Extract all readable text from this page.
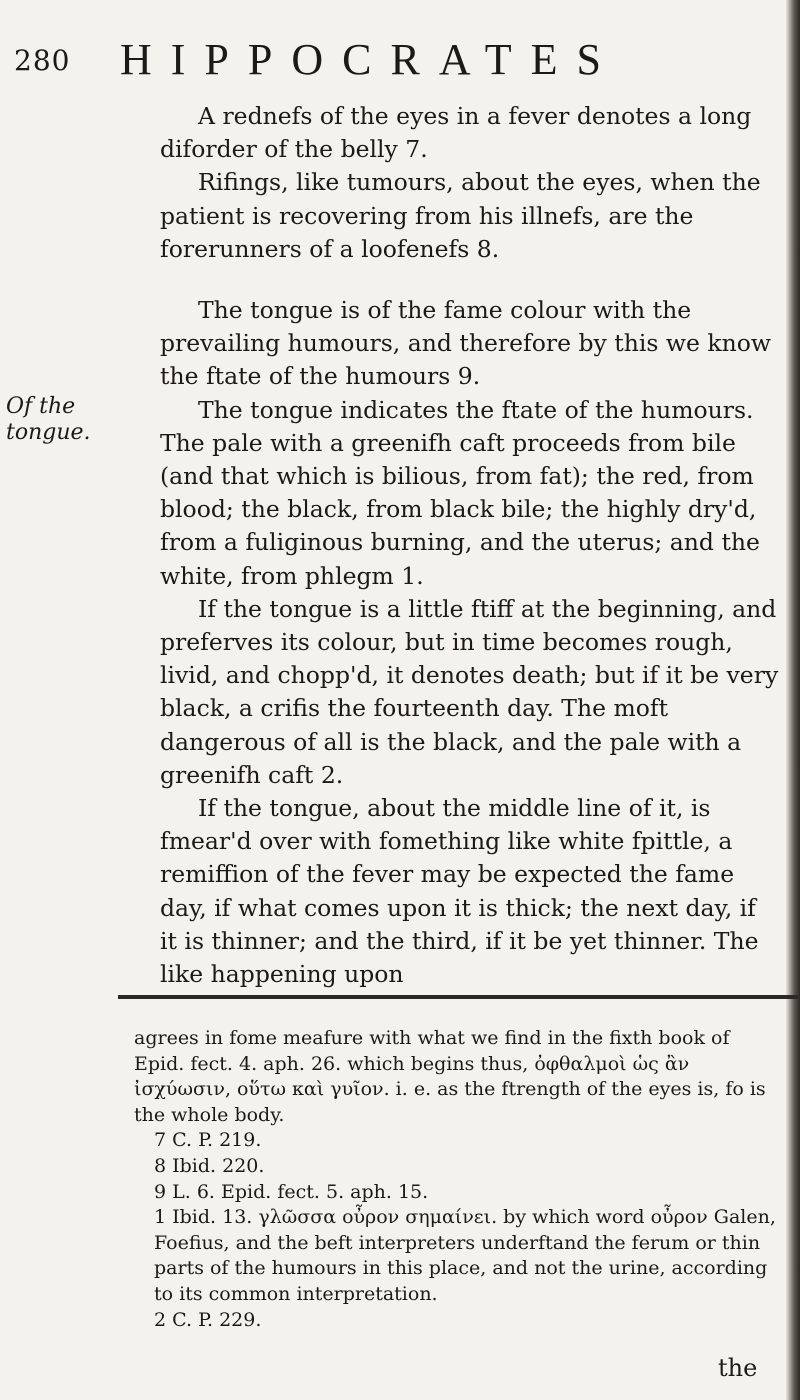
280 HIPPOCRATES
Of the tongue.

A rednefs of the eyes in a fever denotes a long diforder of the belly 7.

Rifings, like tumours, about the eyes, when the patient is recovering from his illnefs, are the forerunners of a loofenefs 8.

The tongue is of the fame colour with the prevailing humours, and therefore by this we know the ftate of the humours 9.

The tongue indicates the ftate of the humours. The pale with a greenifh caft proceeds from bile (and that which is bilious, from fat); the red, from blood; the black, from black bile; the highly dry'd, from a fuliginous burning, and the uterus; and the white, from phlegm 1.

If the tongue is a little ftiff at the beginning, and preferves its colour, but in time becomes rough, livid, and chopp'd, it denotes death; but if it be very black, a crifis the fourteenth day. The moft dangerous of all is the black, and the pale with a greenifh caft 2.

If the tongue, about the middle line of it, is fmear'd over with fomething like white fpittle, a remiffion of the fever may be expected the fame day, if what comes upon it is thick; the next day, if it is thinner; and the third, if it be yet thinner. The like happening upon

agrees in fome meafure with what we find in the fixth book of Epid. fect. 4. aph. 26. which begins thus, ὀφθαλμοὶ ὡς ἂν ἰσχύωσιν, οὕτω καὶ γυῖον. i. e. as the ftrength of the eyes is, fo is the whole body.

7 C. P. 219.

8 Ibid. 220.

9 L. 6. Epid. fect. 5. aph. 15.

1 Ibid. 13. γλῶσσα οὖρον σημαίνει. by which word οὖρον Galen, Foefius, and the beft interpreters underftand the ferum or thin parts of the humours in this place, and not the urine, according to its common interpretation.

2 C. P. 229.

the
